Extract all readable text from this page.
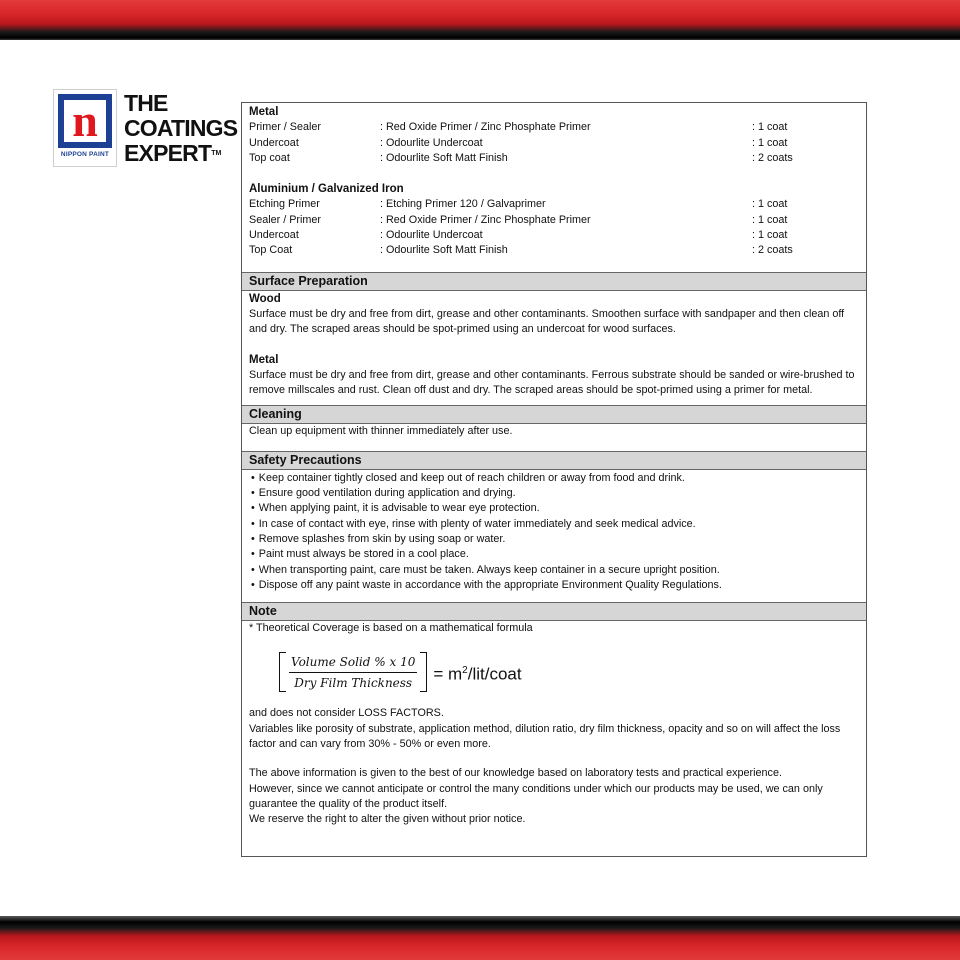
n
NIPPON PAINT
THE
COATINGS
EXPERT™

Metal

Primer / Sealer	: Red Oxide Primer / Zinc Phosphate Primer	: 1 coat
Undercoat	: Odourlite Undercoat	: 1 coat
Top coat	: Odourlite Soft Matt Finish	: 2 coats

Aluminium / Galvanized Iron

Etching Primer	: Etching Primer 120 / Galvaprimer	: 1 coat
Sealer / Primer	: Red Oxide Primer / Zinc Phosphate Primer	: 1 coat
Undercoat	: Odourlite Undercoat	: 1 coat
Top Coat	: Odourlite Soft Matt Finish	: 2 coats
Surface Preparation

Wood

Surface must be dry and free from dirt, grease and other contaminants. Smoothen surface with sandpaper and then clean off and dry. The scraped areas should be spot-primed using an undercoat for wood surfaces.

Metal

Surface must be dry and free from dirt, grease and other contaminants. Ferrous substrate should be sanded or wire-brushed to remove millscales and rust. Clean off dust and dry. The scraped areas should be spot-primed using a primer for metal.

Cleaning

Clean up equipment with thinner immediately after use.

Safety Precautions
• Keep container tightly closed and keep out of reach children or away from food and drink.
• Ensure good ventilation during application and drying.
• When applying paint, it is advisable to wear eye protection.
• In case of contact with eye, rinse with plenty of water immediately and seek medical advice.
• Remove splashes from skin by using soap or water.
• Paint must always be stored in a cool place.
• When transporting paint, care must be taken. Always keep container in a secure upright position.
• Dispose off any paint waste in accordance with the appropriate Environment Quality Regulations.
Note

* Theoretical Coverage is based on a mathematical formula

$\frac{\text{Volume Solid \% x 10}}{\text{Dry Film Thickness}}$ = $m^2/lit$/coat

and does not consider LOSS FACTORS.

Variables like porosity of substrate, application method, dilution ratio, dry film thickness, opacity and so on will affect the loss factor and can vary from 30% - 50% or even more.

The above information is given to the best of our knowledge based on laboratory tests and practical experience.

However, since we cannot anticipate or control the many conditions under which our products may be used, we can only guarantee the quality of the product itself.

We reserve the right to alter the given without prior notice.
